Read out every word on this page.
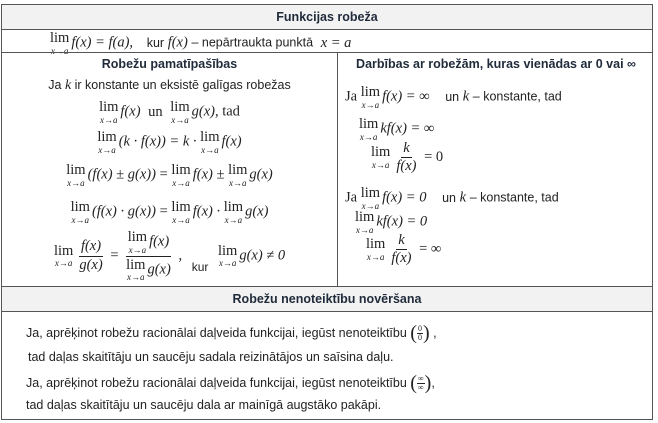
Funkcijas robeža
lim
x→a f(x) = f(a), kur f(x) – nepārtraukta punktā x = a
Robežu pamatīpašības
Ja k ir konstante un eksistē galīgas robežas
lim
x→a f(x) un lim
x→a g(x), tad
lim
x→a (k · f(x)) = k · lim
x→a f(x)
lim
x→a (f(x) ± g(x)) = lim
x→a f(x) ± lim
x→a g(x)
lim
x→a (f(x) · g(x)) = lim
x→a f(x) · lim
x→a g(x)
lim
$x\to a \frac{f(x)}{g(x)} = \lim$
x→a f(x)
lim
x→a g(x) , $_{kur}$
lim
x→a g(x) ≠ 0
Darbības ar robežām, kuras vienādas ar 0 vai ∞
Ja lim
x→a f(x) = ∞ un k – konstante, tad
lim
x→a kf(x) = ∞
lim
$x\to a \frac{k}{f(x)} = 0$
Ja lim
x→a f(x) = 0 un k – konstante, tad
lim
x→a kf(x) = 0
lim
$x\to a \frac{k}{f(x)}$ = ∞
Robežu nenoteiktību novēršana
Ja, aprēķinot robežu racionālai daļveida funkcijai, iegūst nenoteiktību ( $\frac{0}{0}$ ) ,
tad daļas skaitītāju un saucēju sadala reizinātājos un saīsina daļu.
Ja, aprēķinot robežu racionālai daļveida funkcijai, iegūst nenoteiktību ( $\frac{\infty}{\infty}$ ),
tad daļas skaitītāju un saucēju dala ar mainīgā augstāko pakāpi.
